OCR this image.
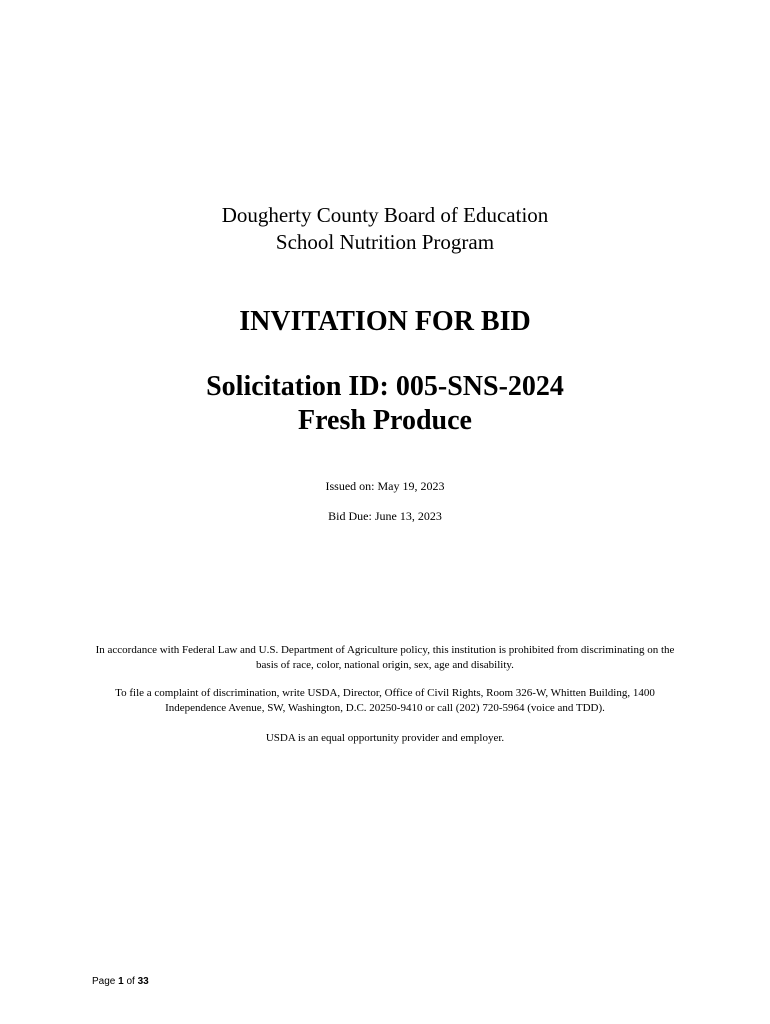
Dougherty County Board of Education
School Nutrition Program
INVITATION FOR BID
Solicitation ID: 005-SNS-2024
Fresh Produce
Issued on: May 19, 2023
Bid Due: June 13, 2023
In accordance with Federal Law and U.S. Department of Agriculture policy, this institution is prohibited from discriminating on the basis of race, color, national origin, sex, age and disability.
To file a complaint of discrimination, write USDA, Director, Office of Civil Rights, Room 326-W, Whitten Building, 1400 Independence Avenue, SW, Washington, D.C. 20250-9410 or call (202) 720-5964 (voice and TDD).
USDA is an equal opportunity provider and employer.
Page 1 of 33
